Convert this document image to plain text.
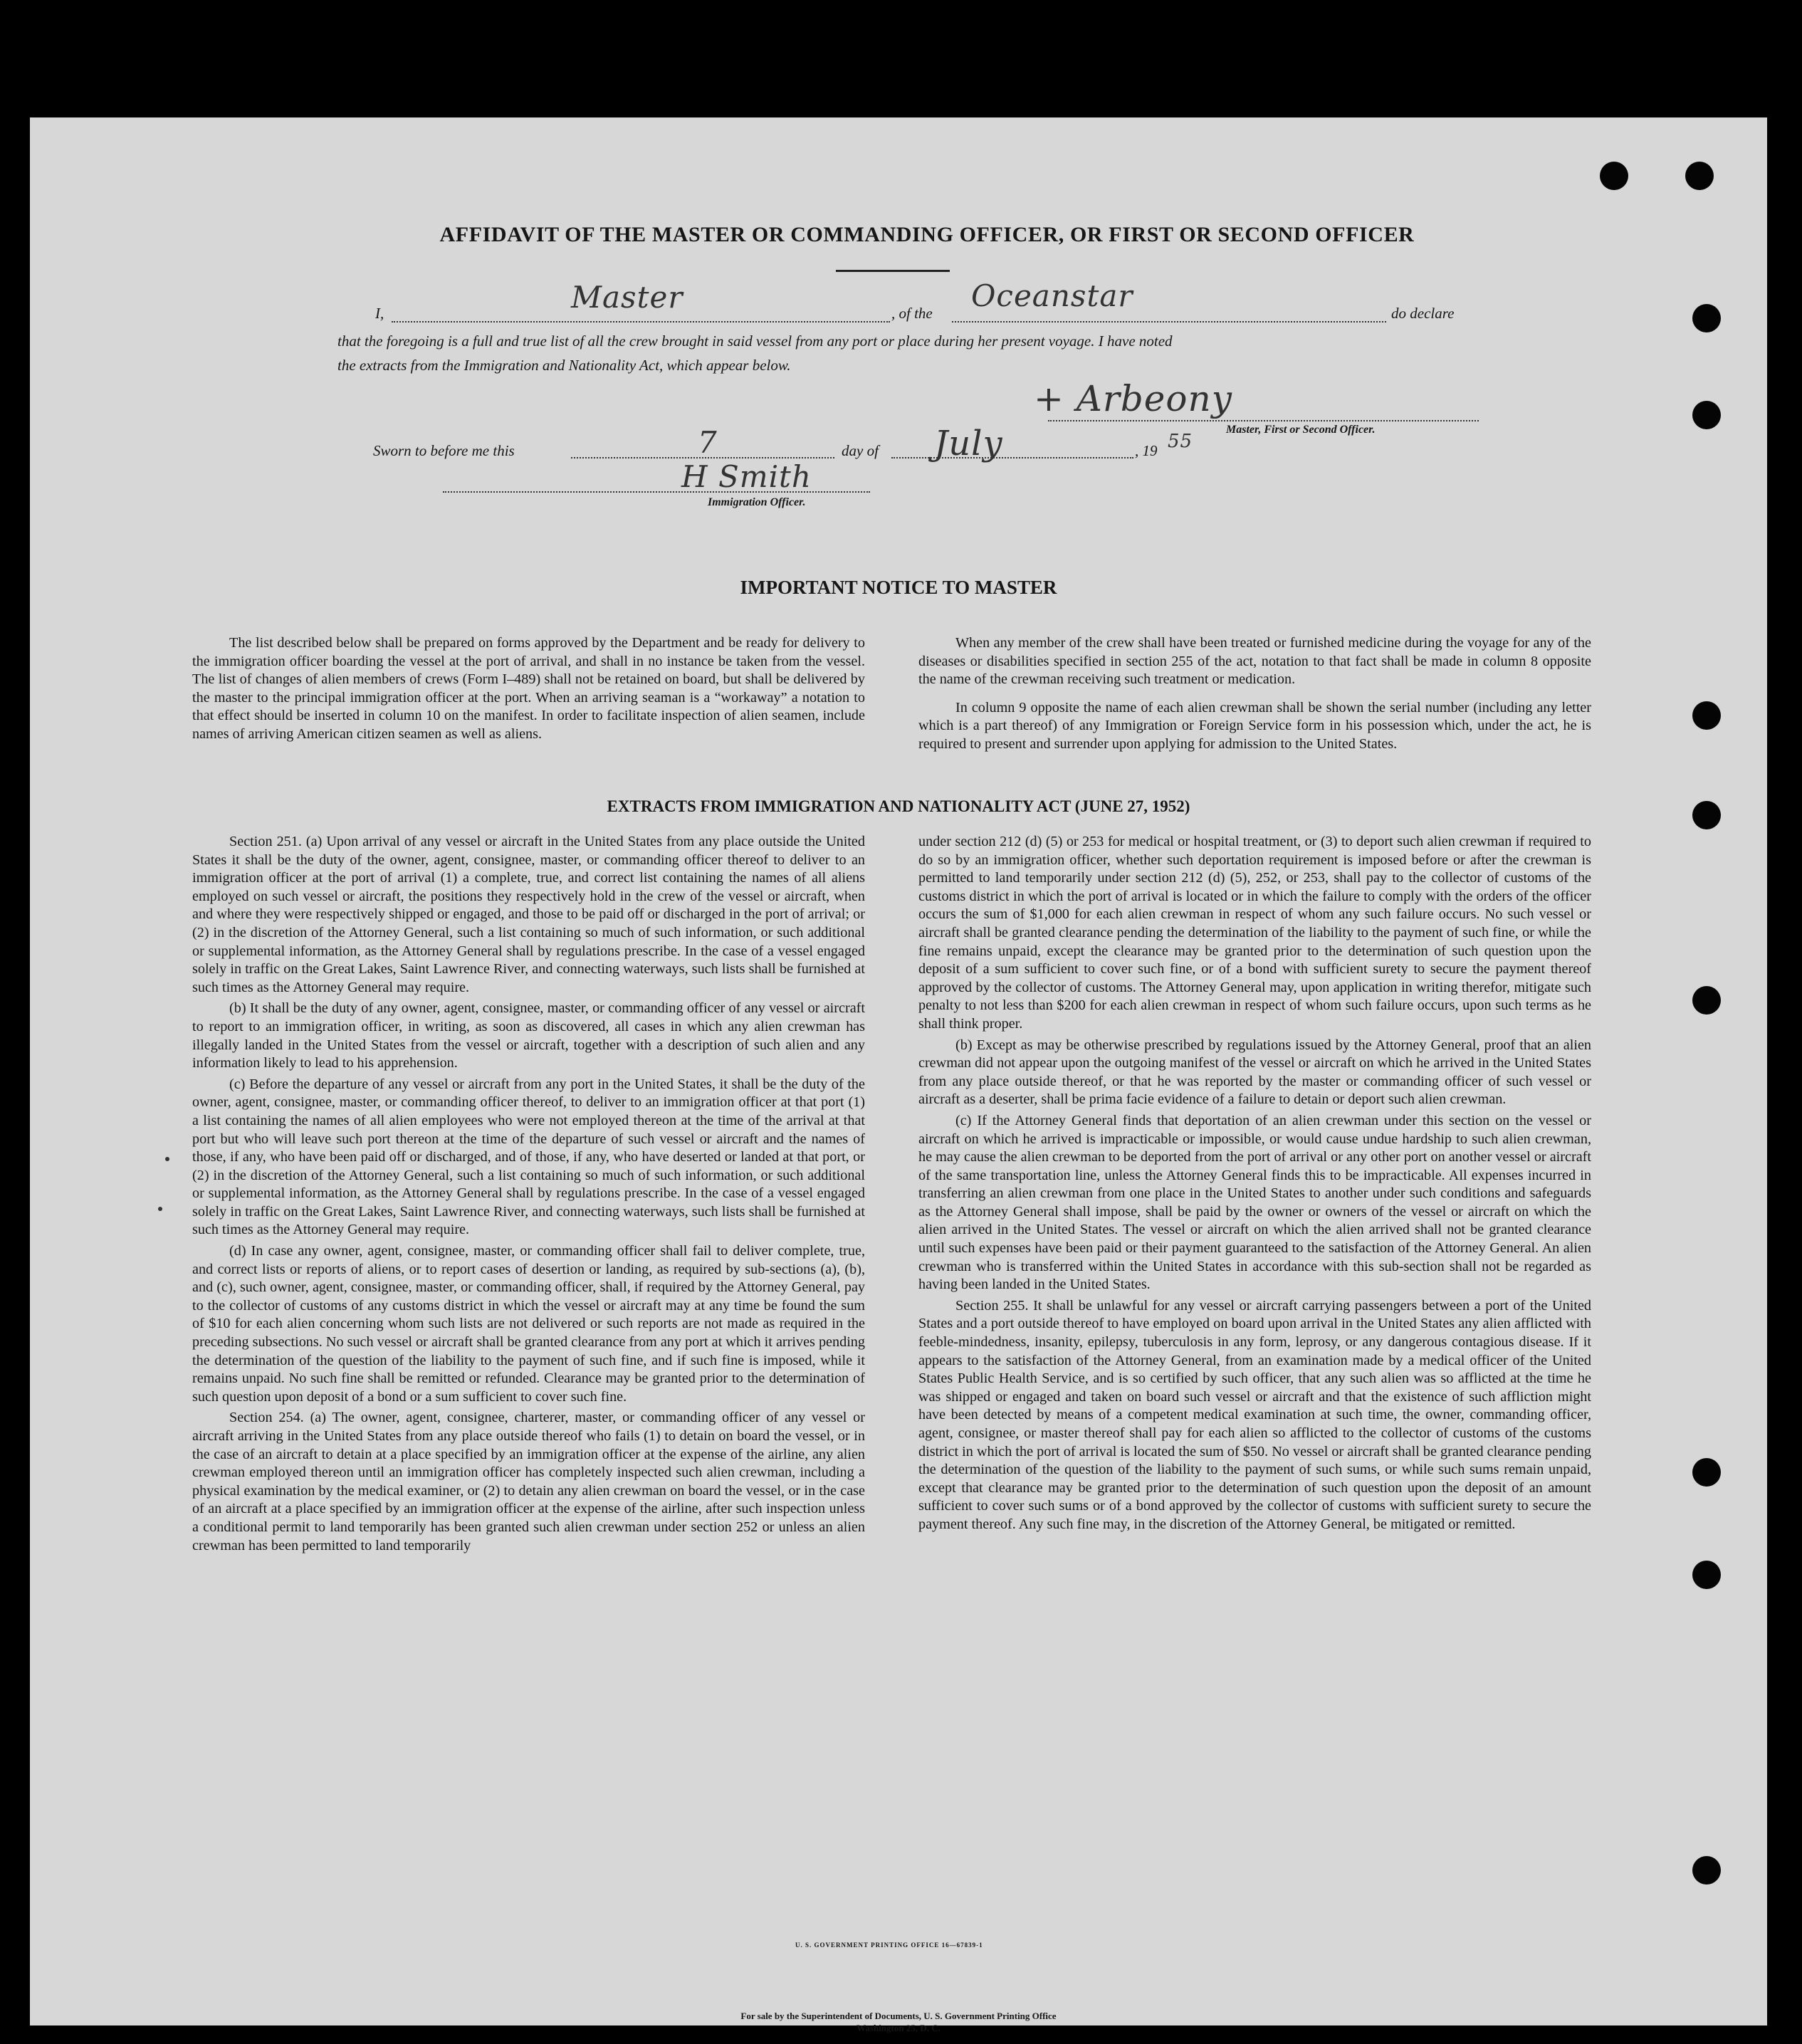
AFFIDAVIT OF THE MASTER OR COMMANDING OFFICER, OR FIRST OR SECOND OFFICER
I,	Master	, of the Oceanstar	do declare
that the foregoing is a full and true list of all the crew brought in said vessel from any port or place during her present voyage. I have noted
the extracts from the Immigration and Nationality Act, which appear below.
+ Arbeony
Master, First or Second Officer.
Sworn to before me this	7	day of July	, 19 55
H Smith
Immigration Officer.
IMPORTANT NOTICE TO MASTER

The list described below shall be prepared on forms approved by the Department and be ready for delivery to the immigration officer boarding the vessel at the port of arrival, and shall in no instance be taken from the vessel. The list of changes of alien members of crews (Form I–489) shall not be retained on board, but shall be delivered by the master to the principal immigration officer at the port. When an arriving seaman is a “workaway” a notation to that effect should be inserted in column 10 on the manifest. In order to facilitate inspection of alien seamen, include names of arriving American citizen seamen as well as aliens.

When any member of the crew shall have been treated or furnished medicine during the voyage for any of the diseases or disabilities specified in section 255 of the act, notation to that fact shall be made in column 8 opposite the name of the crewman receiving such treatment or medication.

In column 9 opposite the name of each alien crewman shall be shown the serial number (including any letter which is a part thereof) of any Immigration or Foreign Service form in his possession which, under the act, he is required to present and surrender upon applying for admission to the United States.

EXTRACTS FROM IMMIGRATION AND NATIONALITY ACT (JUNE 27, 1952)

Section 251. (a) Upon arrival of any vessel or aircraft in the United States from any place outside the United States it shall be the duty of the owner, agent, consignee, master, or commanding officer thereof to deliver to an immigration officer at the port of arrival (1) a complete, true, and correct list containing the names of all aliens employed on such vessel or aircraft, the positions they respectively hold in the crew of the vessel or aircraft, when and where they were respectively shipped or engaged, and those to be paid off or discharged in the port of arrival; or (2) in the discretion of the Attorney General, such a list containing so much of such information, or such additional or supplemental information, as the Attorney General shall by regulations prescribe. In the case of a vessel engaged solely in traffic on the Great Lakes, Saint Lawrence River, and connecting waterways, such lists shall be furnished at such times as the Attorney General may require.

(b) It shall be the duty of any owner, agent, consignee, master, or commanding officer of any vessel or aircraft to report to an immigration officer, in writing, as soon as discovered, all cases in which any alien crewman has illegally landed in the United States from the vessel or aircraft, together with a description of such alien and any information likely to lead to his apprehension.

(c) Before the departure of any vessel or aircraft from any port in the United States, it shall be the duty of the owner, agent, consignee, master, or commanding officer thereof, to deliver to an immigration officer at that port (1) a list containing the names of all alien employees who were not employed thereon at the time of the arrival at that port but who will leave such port thereon at the time of the departure of such vessel or aircraft and the names of those, if any, who have been paid off or discharged, and of those, if any, who have deserted or landed at that port, or (2) in the discretion of the Attorney General, such a list containing so much of such information, or such additional or supplemental information, as the Attorney General shall by regulations prescribe. In the case of a vessel engaged solely in traffic on the Great Lakes, Saint Lawrence River, and connecting waterways, such lists shall be furnished at such times as the Attorney General may require.

(d) In case any owner, agent, consignee, master, or commanding officer shall fail to deliver complete, true, and correct lists or reports of aliens, or to report cases of desertion or landing, as required by sub-sections (a), (b), and (c), such owner, agent, consignee, master, or commanding officer, shall, if required by the Attorney General, pay to the collector of customs of any customs district in which the vessel or aircraft may at any time be found the sum of $10 for each alien concerning whom such lists are not delivered or such reports are not made as required in the preceding subsections. No such vessel or aircraft shall be granted clearance from any port at which it arrives pending the determination of the question of the liability to the payment of such fine, and if such fine is imposed, while it remains unpaid. No such fine shall be remitted or refunded. Clearance may be granted prior to the determination of such question upon deposit of a bond or a sum sufficient to cover such fine.

Section 254. (a) The owner, agent, consignee, charterer, master, or commanding officer of any vessel or aircraft arriving in the United States from any place outside thereof who fails (1) to detain on board the vessel, or in the case of an aircraft to detain at a place specified by an immigration officer at the expense of the airline, any alien crewman employed thereon until an immigration officer has completely inspected such alien crewman, including a physical examination by the medical examiner, or (2) to detain any alien crewman on board the vessel, or in the case of an aircraft at a place specified by an immigration officer at the expense of the airline, after such inspection unless a conditional permit to land temporarily has been granted such alien crewman under section 252 or unless an alien crewman has been permitted to land temporarily

under section 212 (d) (5) or 253 for medical or hospital treatment, or (3) to deport such alien crewman if required to do so by an immigration officer, whether such deportation requirement is imposed before or after the crewman is permitted to land temporarily under section 212 (d) (5), 252, or 253, shall pay to the collector of customs of the customs district in which the port of arrival is located or in which the failure to comply with the orders of the officer occurs the sum of $1,000 for each alien crewman in respect of whom any such failure occurs. No such vessel or aircraft shall be granted clearance pending the determination of the liability to the payment of such fine, or while the fine remains unpaid, except the clearance may be granted prior to the determination of such question upon the deposit of a sum sufficient to cover such fine, or of a bond with sufficient surety to secure the payment thereof approved by the collector of customs. The Attorney General may, upon application in writing therefor, mitigate such penalty to not less than $200 for each alien crewman in respect of whom such failure occurs, upon such terms as he shall think proper.

(b) Except as may be otherwise prescribed by regulations issued by the Attorney General, proof that an alien crewman did not appear upon the outgoing manifest of the vessel or aircraft on which he arrived in the United States from any place outside thereof, or that he was reported by the master or commanding officer of such vessel or aircraft as a deserter, shall be prima facie evidence of a failure to detain or deport such alien crewman.

(c) If the Attorney General finds that deportation of an alien crewman under this section on the vessel or aircraft on which he arrived is impracticable or impossible, or would cause undue hardship to such alien crewman, he may cause the alien crewman to be deported from the port of arrival or any other port on another vessel or aircraft of the same transportation line, unless the Attorney General finds this to be impracticable. All expenses incurred in transferring an alien crewman from one place in the United States to another under such conditions and safeguards as the Attorney General shall impose, shall be paid by the owner or owners of the vessel or aircraft on which the alien arrived in the United States. The vessel or aircraft on which the alien arrived shall not be granted clearance until such expenses have been paid or their payment guaranteed to the satisfaction of the Attorney General. An alien crewman who is transferred within the United States in accordance with this sub-section shall not be regarded as having been landed in the United States.

Section 255. It shall be unlawful for any vessel or aircraft carrying passengers between a port of the United States and a port outside thereof to have employed on board upon arrival in the United States any alien afflicted with feeble-mindedness, insanity, epilepsy, tuberculosis in any form, leprosy, or any dangerous contagious disease. If it appears to the satisfaction of the Attorney General, from an examination made by a medical officer of the United States Public Health Service, and is so certified by such officer, that any such alien was so afflicted at the time he was shipped or engaged and taken on board such vessel or aircraft and that the existence of such affliction might have been detected by means of a competent medical examination at such time, the owner, commanding officer, agent, consignee, or master thereof shall pay for each alien so afflicted to the collector of customs of the customs district in which the port of arrival is located the sum of $50. No vessel or aircraft shall be granted clearance pending the determination of the question of the liability to the payment of such sums, or while such sums remain unpaid, except that clearance may be granted prior to the determination of such question upon the deposit of an amount sufficient to cover such sums or of a bond approved by the collector of customs with sufficient surety to secure the payment thereof. Any such fine may, in the discretion of the Attorney General, be mitigated or remitted.

U. S. GOVERNMENT PRINTING OFFICE 16—67839-1
For sale by the Superintendent of Documents, U. S. Government Printing Office
Washington 25, D. C.
